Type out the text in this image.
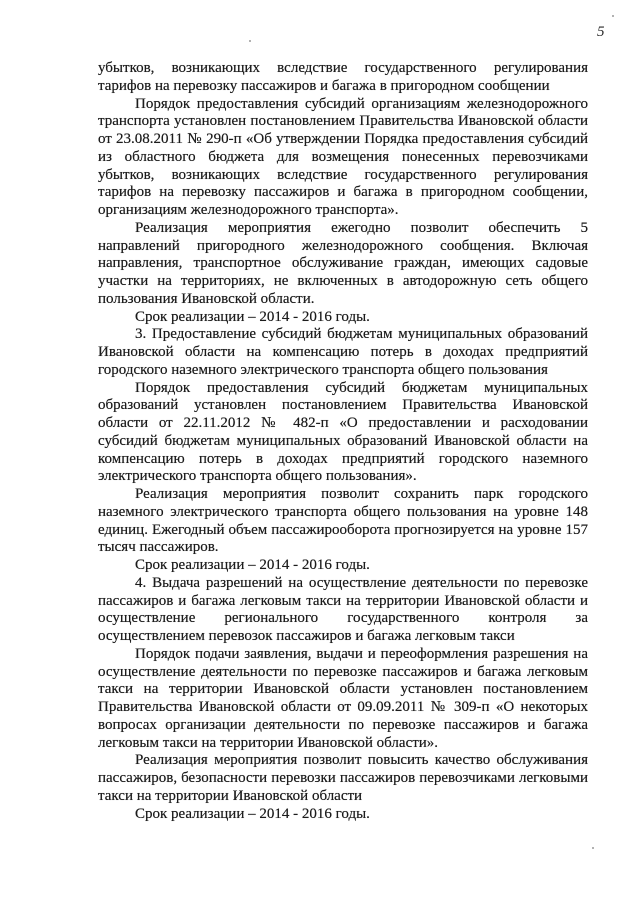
5

убытков, возникающих вследствие государственного регулирования тарифов на перевозку пассажиров и багажа в пригородном сообщении

Порядок предоставления субсидий организациям железнодорожного транспорта установлен постановлением Правительства Ивановской области от 23.08.2011 № 290-п «Об утверждении Порядка предоставления субсидий из областного бюджета для возмещения понесенных перевозчиками убытков, возникающих вследствие государственного регулирования тарифов на перевозку пассажиров и багажа в пригородном сообщении, организациям железнодорожного транспорта».

Реализация мероприятия ежегодно позволит обеспечить 5 направлений пригородного железнодорожного сообщения. Включая направления, транспортное обслуживание граждан, имеющих садовые участки на территориях, не включенных в автодорожную сеть общего пользования Ивановской области.

Срок реализации – 2014 - 2016 годы.

3. Предоставление субсидий бюджетам муниципальных образований Ивановской области на компенсацию потерь в доходах предприятий городского наземного электрического транспорта общего пользования

Порядок предоставления субсидий бюджетам муниципальных образований установлен постановлением Правительства Ивановской области от 22.11.2012 № 482-п «О предоставлении и расходовании субсидий бюджетам муниципальных образований Ивановской области на компенсацию потерь в доходах предприятий городского наземного электрического транспорта общего пользования».

Реализация мероприятия позволит сохранить парк городского наземного электрического транспорта общего пользования на уровне 148 единиц. Ежегодный объем пассажирооборота прогнозируется на уровне 157 тысяч пассажиров.

Срок реализации – 2014 - 2016 годы.

4. Выдача разрешений на осуществление деятельности по перевозке пассажиров и багажа легковым такси на территории Ивановской области и осуществление регионального государственного контроля за осуществлением перевозок пассажиров и багажа легковым такси

Порядок подачи заявления, выдачи и переоформления разрешения на осуществление деятельности по перевозке пассажиров и багажа легковым такси на территории Ивановской области установлен постановлением Правительства Ивановской области от 09.09.2011 № 309-п «О некоторых вопросах организации деятельности по перевозке пассажиров и багажа легковым такси на территории Ивановской области».

Реализация мероприятия позволит повысить качество обслуживания пассажиров, безопасности перевозки пассажиров перевозчиками легковыми такси на территории Ивановской области

Срок реализации – 2014 - 2016 годы.
